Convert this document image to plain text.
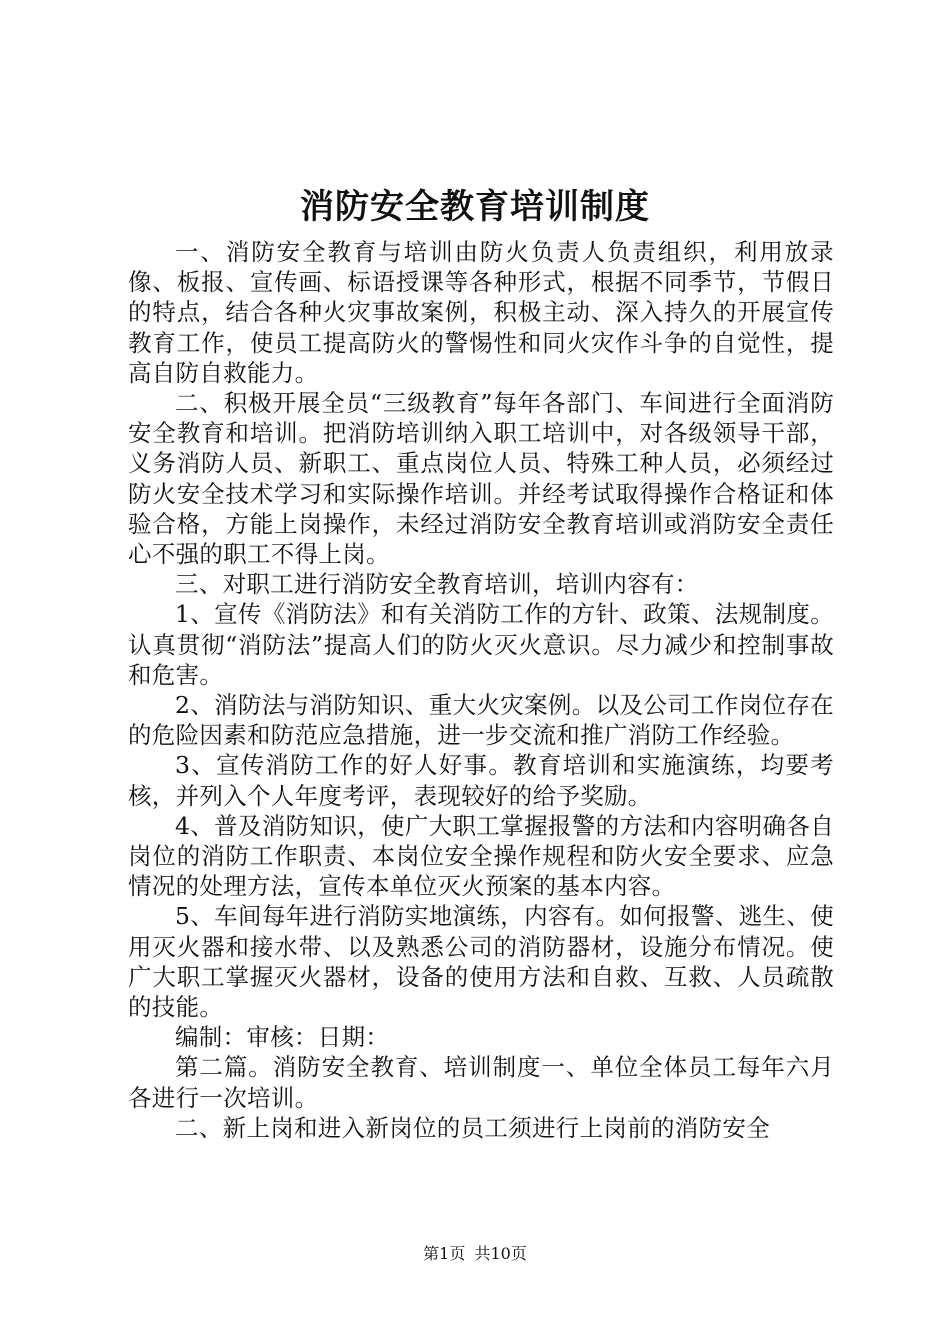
消防安全教育培训制度

一、消防安全教育与培训由防火负责人负责组织，利用放录像、板报、宣传画、标语授课等各种形式，根据不同季节，节假日的特点，结合各种火灾事故案例，积极主动、深入持久的开展宣传教育工作，使员工提高防火的警惕性和同火灾作斗争的自觉性，提高自防自救能力。

二、积极开展全员“三级教育”每年各部门、车间进行全面消防安全教育和培训。把消防培训纳入职工培训中，对各级领导干部，义务消防人员、新职工、重点岗位人员、特殊工种人员，必须经过防火安全技术学习和实际操作培训。并经考试取得操作合格证和体验合格，方能上岗操作，未经过消防安全教育培训或消防安全责任心不强的职工不得上岗。

三、对职工进行消防安全教育培训，培训内容有：

1、宣传《消防法》和有关消防工作的方针、政策、法规制度。认真贯彻“消防法”提高人们的防火灭火意识。尽力减少和控制事故和危害。

2、消防法与消防知识、重大火灾案例。以及公司工作岗位存在的危险因素和防范应急措施，进一步交流和推广消防工作经验。

3、宣传消防工作的好人好事。教育培训和实施演练，均要考核，并列入个人年度考评，表现较好的给予奖励。

4、普及消防知识，使广大职工掌握报警的方法和内容明确各自岗位的消防工作职责、本岗位安全操作规程和防火安全要求、应急情况的处理方法，宣传本单位灭火预案的基本内容。

5、车间每年进行消防实地演练，内容有。如何报警、逃生、使用灭火器和接水带、以及熟悉公司的消防器材，设施分布情况。使广大职工掌握灭火器材，设备的使用方法和自救、互救、人员疏散的技能。

编制：审核：日期：

第二篇。消防安全教育、培训制度一、单位全体员工每年六月各进行一次培训。

二、新上岗和进入新岗位的员工须进行上岗前的消防安全

第1页 共10页
